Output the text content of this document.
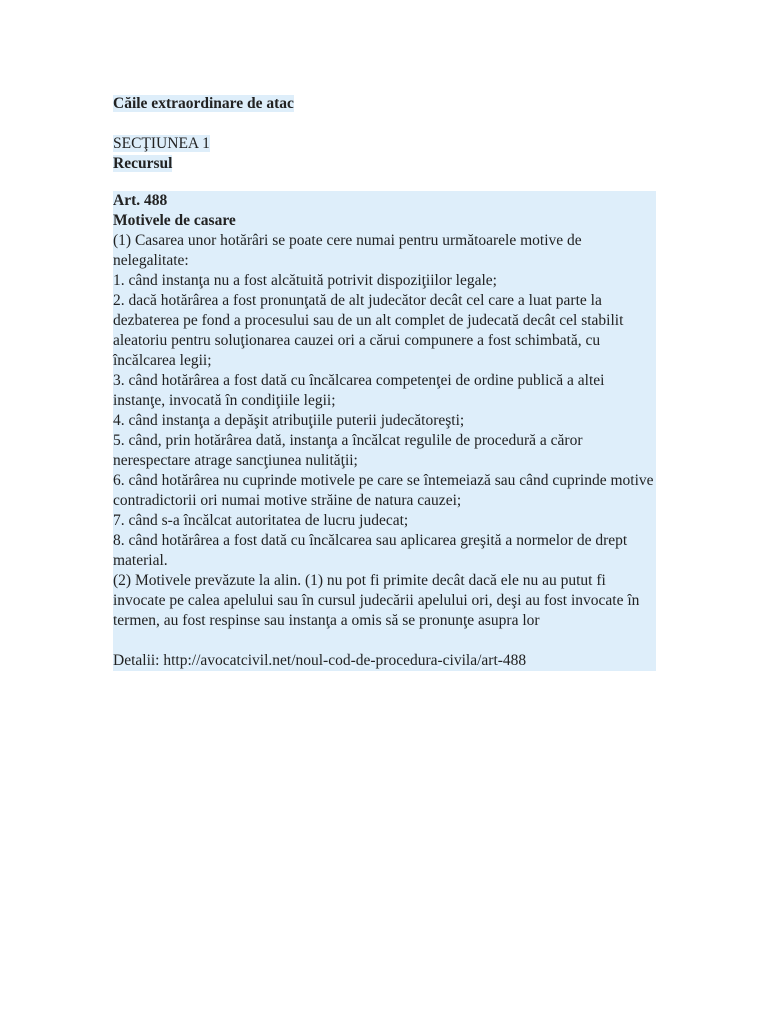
Căile extraordinare de atac
SECŢIUNEA 1
Recursul

Art. 488

Motivele de casare

(1) Casarea unor hotărâri se poate cere numai pentru următoarele motive de nelegalitate:

1. când instanţa nu a fost alcătuită potrivit dispoziţiilor legale;

2. dacă hotărârea a fost pronunţată de alt judecător decât cel care a luat parte la dezbaterea pe fond a procesului sau de un alt complet de judecată decât cel stabilit aleatoriu pentru soluţionarea cauzei ori a cărui compunere a fost schimbată, cu încălcarea legii;

3. când hotărârea a fost dată cu încălcarea competenţei de ordine publică a altei instanţe, invocată în condiţiile legii;

4. când instanţa a depăşit atribuţiile puterii judecătoreşti;

5. când, prin hotărârea dată, instanţa a încălcat regulile de procedură a căror nerespectare atrage sancţiunea nulităţii;

6. când hotărârea nu cuprinde motivele pe care se întemeiază sau când cuprinde motive contradictorii ori numai motive străine de natura cauzei;

7. când s-a încălcat autoritatea de lucru judecat;

8. când hotărârea a fost dată cu încălcarea sau aplicarea greşită a normelor de drept material.

(2) Motivele prevăzute la alin. (1) nu pot fi primite decât dacă ele nu au putut fi invocate pe calea apelului sau în cursul judecării apelului ori, deşi au fost invocate în termen, au fost respinse sau instanţa a omis să se pronunţe asupra lor

Detalii: http://avocatcivil.net/noul-cod-de-procedura-civila/art-488
